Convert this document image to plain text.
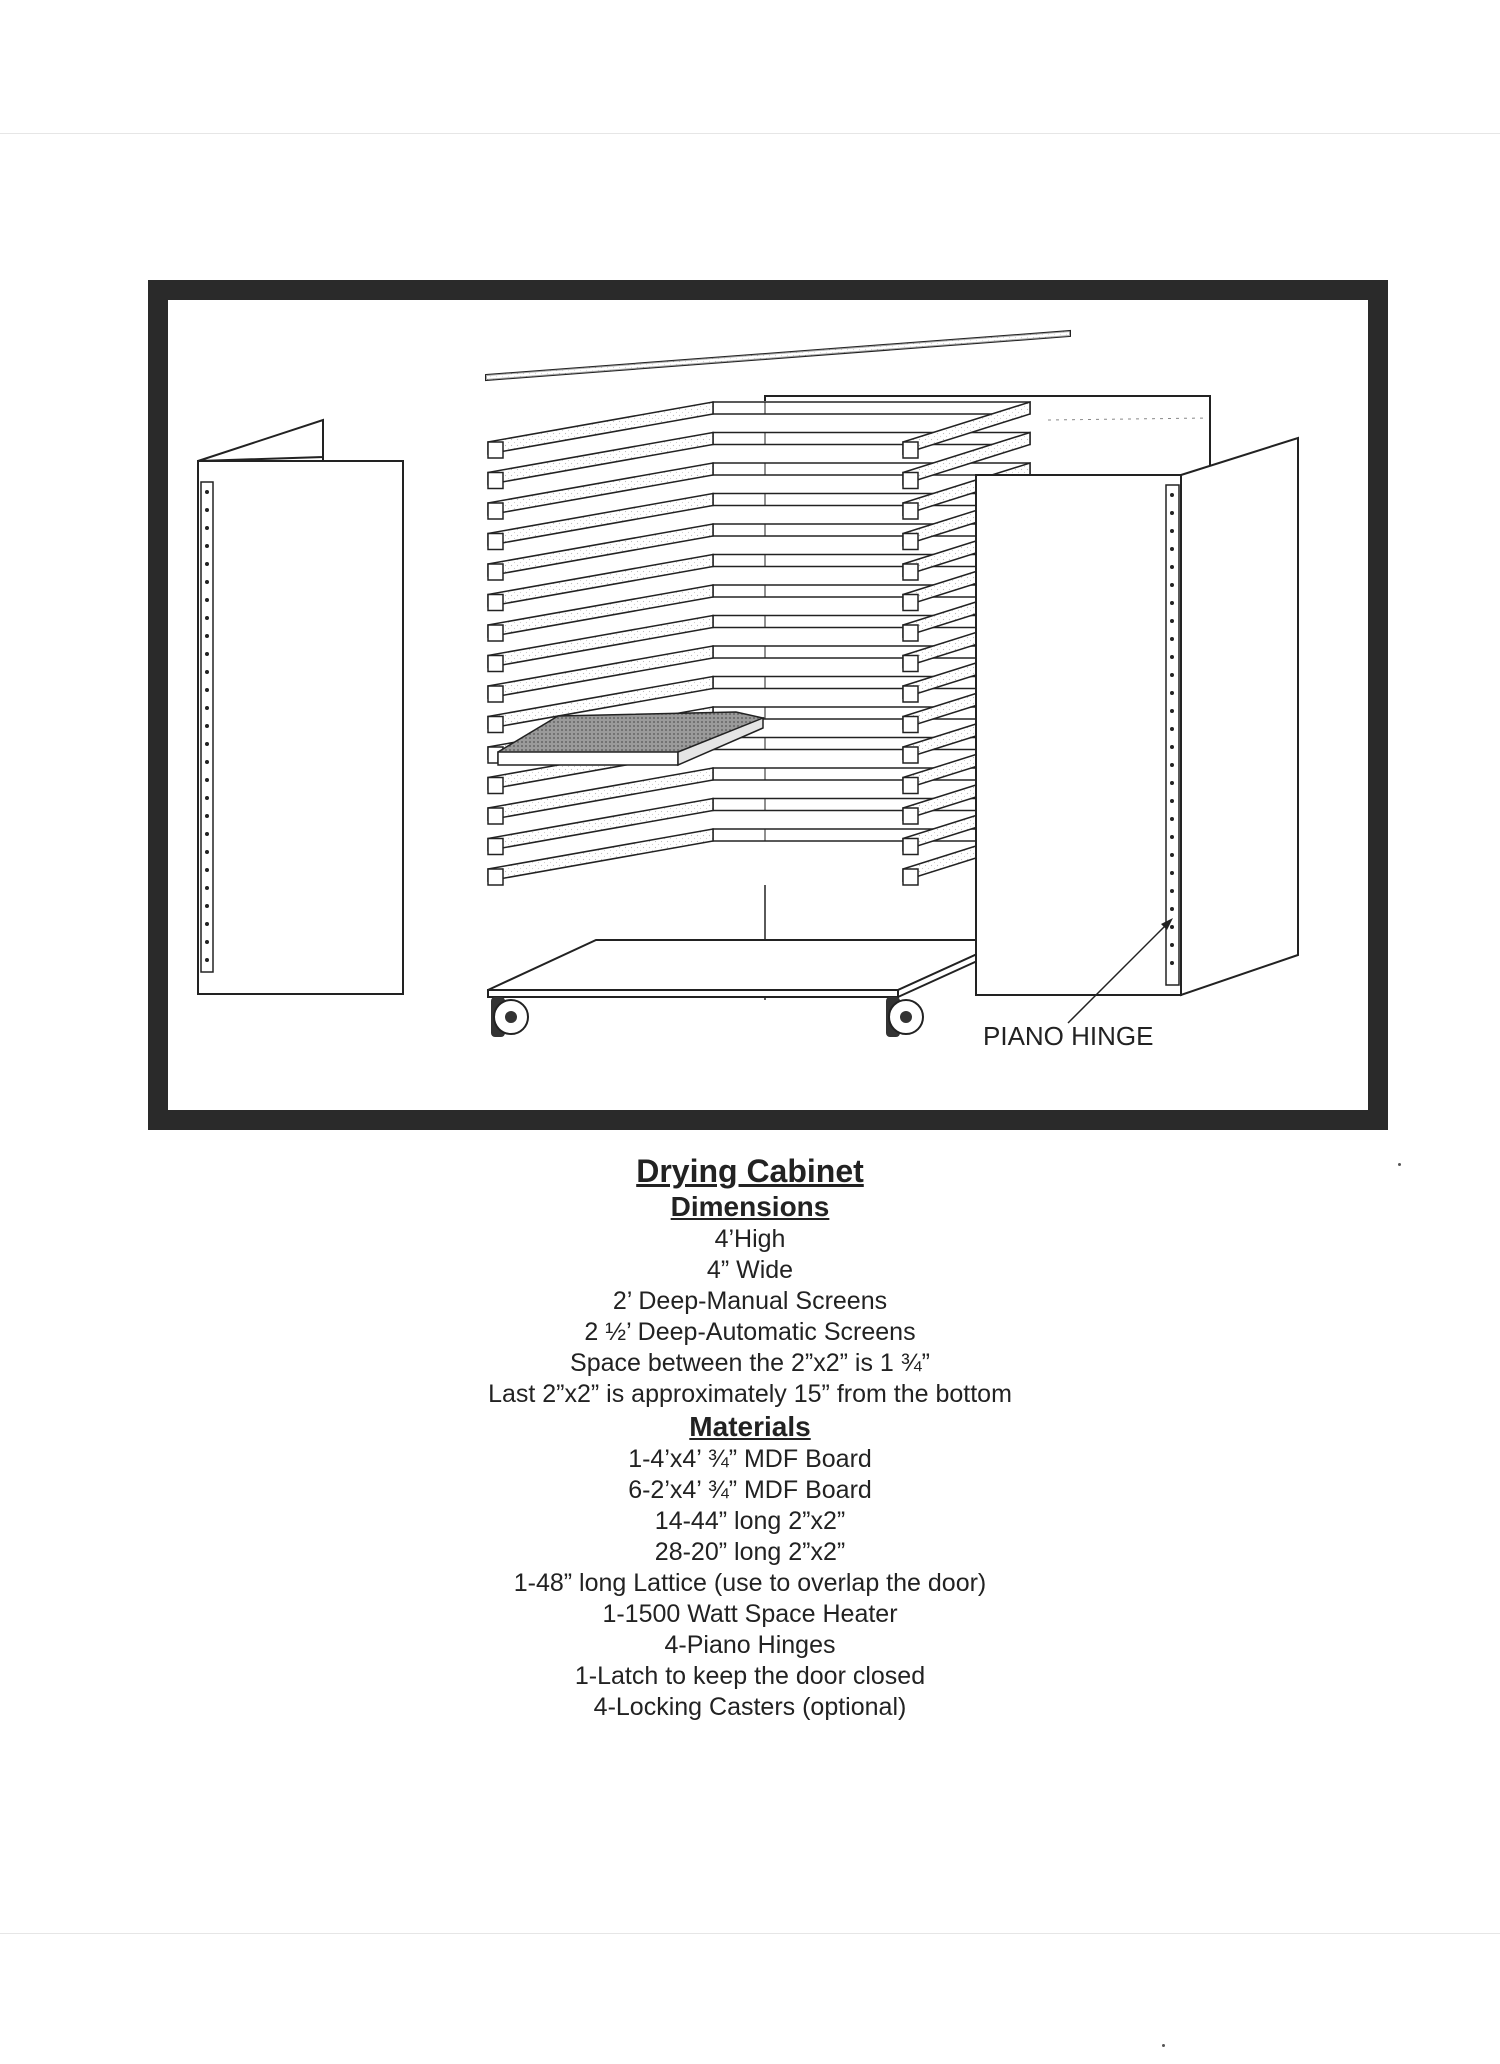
PIANO HINGE
Drying Cabinet
Dimensions
4’High
4” Wide
2’ Deep-Manual Screens
2 ½’ Deep-Automatic Screens
Space between the 2”x2” is 1 ¾”
Last 2”x2” is approximately 15” from the bottom
Materials
1-4’x4’ ¾” MDF Board
6-2’x4’ ¾” MDF Board
14-44” long 2”x2”
28-20” long 2”x2”
1-48” long Lattice (use to overlap the door)
1-1500 Watt Space Heater
4-Piano Hinges
1-Latch to keep the door closed
4-Locking Casters (optional)
